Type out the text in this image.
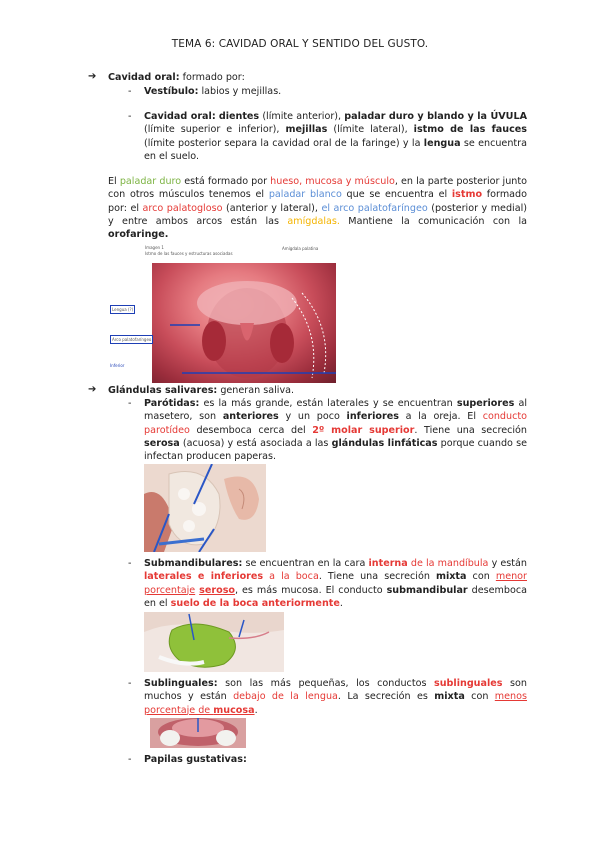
TEMA 6: CAVIDAD ORAL Y SENTIDO DEL GUSTO.
➔ Cavidad oral: formado por:
- Vestíbulo: labios y mejillas.
- Cavidad oral: dientes (límite anterior), paladar duro y blando y la ÚVULA (límite superior e inferior), mejillas (límite lateral), istmo de las fauces (límite posterior separa la cavidad oral de la faringe) y la lengua se encuentra en el suelo.
El paladar duro está formado por hueso, mucosa y músculo, en la parte posterior junto con otros músculos tenemos el paladar blanco que se encuentra el istmo formado por: el arco palatogloso (anterior y lateral), el arco palatofaríngeo (posterior y medial) y entre ambos arcos están las amígdalas. Mantiene la comunicación con la orofaringe.
Imagen 1
Istmo de las fauces y estructuras asociadas
Amígdala palatina
Lengua (?)
Arco palatofaríngeo
Inferior
➔ Glándulas salivares: generan saliva.
- Parótidas: es la más grande, están laterales y se encuentran superiores al masetero, son anteriores y un poco inferiores a la oreja. El conducto parotídeo desemboca cerca del 2º molar superior. Tiene una secreción serosa (acuosa) y está asociada a las glándulas linfáticas porque cuando se infectan producen paperas.
- Submandibulares: se encuentran en la cara interna de la mandíbula y están laterales e inferiores a la boca. Tiene una secreción mixta con menor porcentaje seroso, es más mucosa. El conducto submandibular desemboca en el suelo de la boca anteriormente.
- Sublinguales: son las más pequeñas, los conductos sublinguales son muchos y están debajo de la lengua. La secreción es mixta con menos porcentaje de mucosa.
- Papilas gustativas:
